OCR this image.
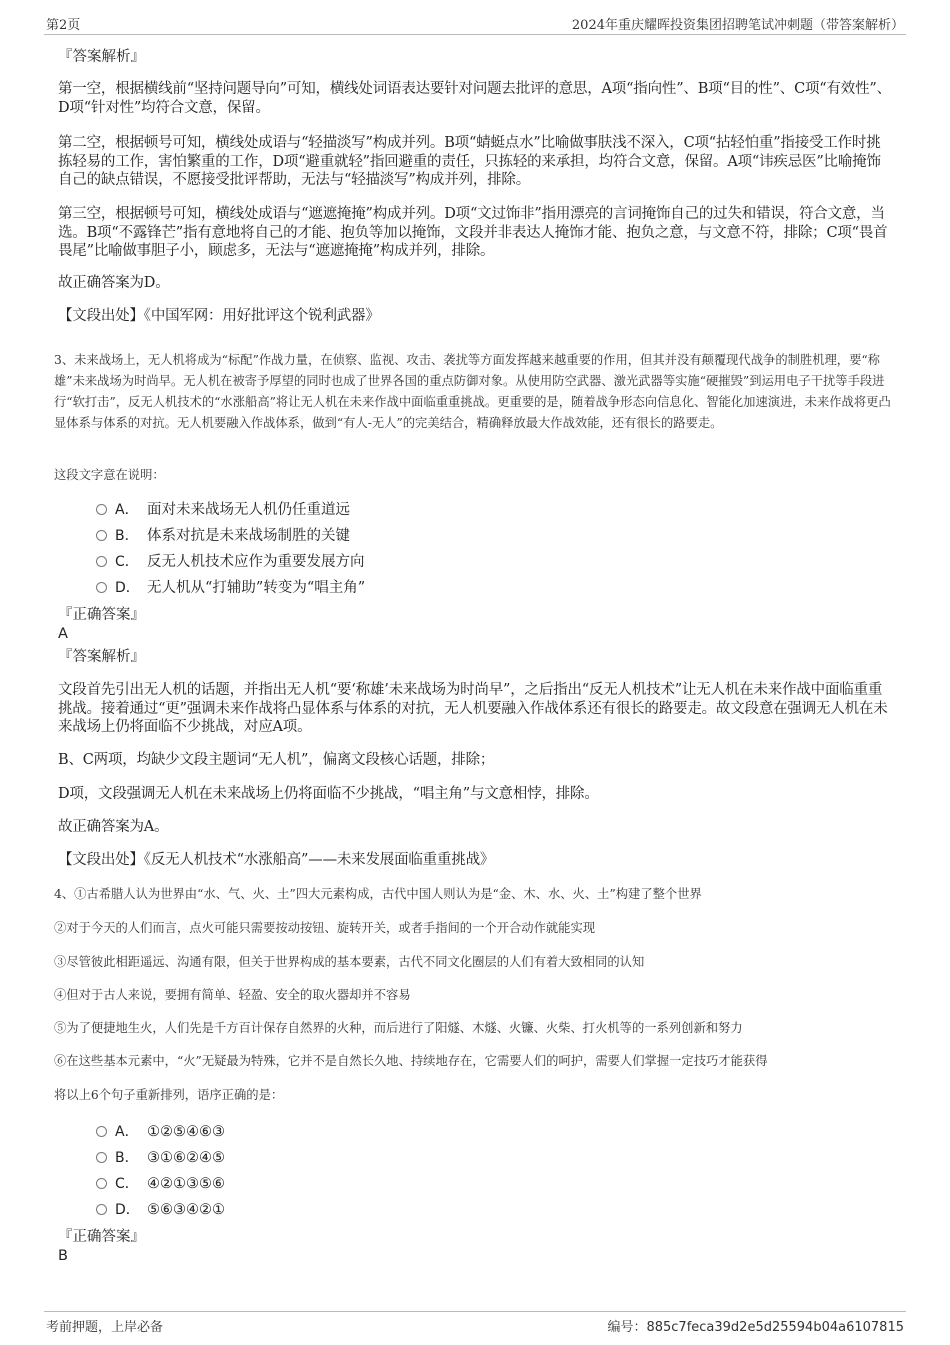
第2页	2024年重庆耀晖投资集团招聘笔试冲刺题（带答案解析）
『答案解析』

第一空，根据横线前“坚持问题导向”可知，横线处词语表达要针对问题去批评的意思，A项“指向性”、B项“目的性”、C项“有效性”、D项“针对性”均符合文意，保留。

第二空，根据顿号可知，横线处成语与“轻描淡写”构成并列。B项“蜻蜓点水”比喻做事肤浅不深入，C项“拈轻怕重”指接受工作时挑拣轻易的工作，害怕繁重的工作，D项“避重就轻”指回避重的责任，只拣轻的来承担，均符合文意，保留。A项“讳疾忌医”比喻掩饰自己的缺点错误，不愿接受批评帮助，无法与“轻描淡写”构成并列，排除。

第三空，根据顿号可知，横线处成语与“遮遮掩掩”构成并列。D项“文过饰非”指用漂亮的言词掩饰自己的过失和错误，符合文意，当选。B项“不露锋芒”指有意地将自己的才能、抱负等加以掩饰，文段并非表达人掩饰才能、抱负之意，与文意不符，排除；C项“畏首畏尾”比喻做事胆子小，顾虑多，无法与“遮遮掩掩”构成并列，排除。

故正确答案为D。

【文段出处】《中国军网：用好批评这个锐利武器》

3、未来战场上，无人机将成为“标配”作战力量，在侦察、监视、攻击、袭扰等方面发挥越来越重要的作用，但其并没有颠覆现代战争的制胜机理，要“称雄”未来战场为时尚早。无人机在被寄予厚望的同时也成了世界各国的重点防御对象。从使用防空武器、激光武器等实施“硬摧毁”到运用电子干扰等手段进行“软打击”，反无人机技术的“水涨船高”将让无人机在未来作战中面临重重挑战。更重要的是，随着战争形态向信息化、智能化加速演进，未来作战将更凸显体系与体系的对抗。无人机要融入作战体系，做到“有人-无人”的完美结合，精确释放最大作战效能，还有很长的路要走。

这段文字意在说明：

A． 面对未来战场无人机仍任重道远
B． 体系对抗是未来战场制胜的关键
C． 反无人机技术应作为重要发展方向
D． 无人机从“打辅助”转变为“唱主角”
『正确答案』
A
『答案解析』

文段首先引出无人机的话题，并指出无人机“要‘称雄’未来战场为时尚早”，之后指出“反无人机技术”让无人机在未来作战中面临重重挑战。接着通过“更”强调未来作战将凸显体系与体系的对抗，无人机要融入作战体系还有很长的路要走。故文段意在强调无人机在未来战场上仍将面临不少挑战，对应A项。

B、C两项，均缺少文段主题词“无人机”，偏离文段核心话题，排除；

D项，文段强调无人机在未来战场上仍将面临不少挑战，“唱主角”与文意相悖，排除。

故正确答案为A。

【文段出处】《反无人机技术“水涨船高”——未来发展面临重重挑战》

4、①古希腊人认为世界由“水、气、火、土”四大元素构成，古代中国人则认为是“金、木、水、火、土”构建了整个世界

②对于今天的人们而言，点火可能只需要按动按钮、旋转开关，或者手指间的一个开合动作就能实现

③尽管彼此相距遥远、沟通有限，但关于世界构成的基本要素，古代不同文化圈层的人们有着大致相同的认知

④但对于古人来说，要拥有简单、轻盈、安全的取火器却并不容易

⑤为了便捷地生火，人们先是千方百计保存自然界的火种，而后进行了阳燧、木燧、火镰、火柴、打火机等的一系列创新和努力

⑥在这些基本元素中，“火”无疑最为特殊，它并不是自然长久地、持续地存在，它需要人们的呵护，需要人们掌握一定技巧才能获得

将以上6个句子重新排列，语序正确的是：

A． ①②⑤④⑥③
B． ③①⑥②④⑤
C． ④②①③⑤⑥
D． ⑤⑥③④②①
『正确答案』
B
考前押题，上岸必备	编号：885c7feca39d2e5d25594b04a6107815
